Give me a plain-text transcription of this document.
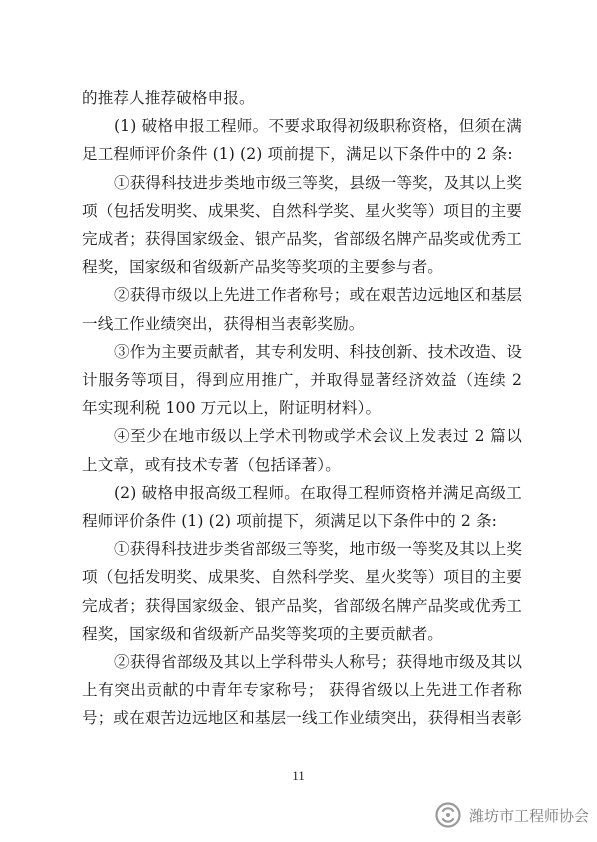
的推荐人推荐破格申报。
(1) 破格申报工程师。不要求取得初级职称资格，但须在满
足工程师评价条件 (1) (2) 项前提下，满足以下条件中的 2 条:
①获得科技进步类地市级三等奖，县级一等奖，及其以上奖
项（包括发明奖、成果奖、自然科学奖、星火奖等）项目的主要
完成者；获得国家级金、银产品奖，省部级名牌产品奖或优秀工
程奖，国家级和省级新产品奖等奖项的主要参与者。
②获得市级以上先进工作者称号；或在艰苦边远地区和基层
一线工作业绩突出，获得相当表彰奖励。
③作为主要贡献者，其专利发明、科技创新、技术改造、设
计服务等项目，得到应用推广，并取得显著经济效益（连续 2
年实现利税 100 万元以上，附证明材料）。
④至少在地市级以上学术刊物或学术会议上发表过 2 篇以
上文章，或有技术专著（包括译著）。
(2) 破格申报高级工程师。在取得工程师资格并满足高级工
程师评价条件 (1) (2) 项前提下，须满足以下条件中的 2 条:
①获得科技进步类省部级三等奖，地市级一等奖及其以上奖
项（包括发明奖、成果奖、自然科学奖、星火奖等）项目的主要
完成者；获得国家级金、银产品奖，省部级名牌产品奖或优秀工
程奖，国家级和省级新产品奖等奖项的主要贡献者。
②获得省部级及其以上学科带头人称号；获得地市级及其以
上有突出贡献的中青年专家称号； 获得省级以上先进工作者称
号；或在艰苦边远地区和基层一线工作业绩突出，获得相当表彰
11
潍坊市工程师协会
